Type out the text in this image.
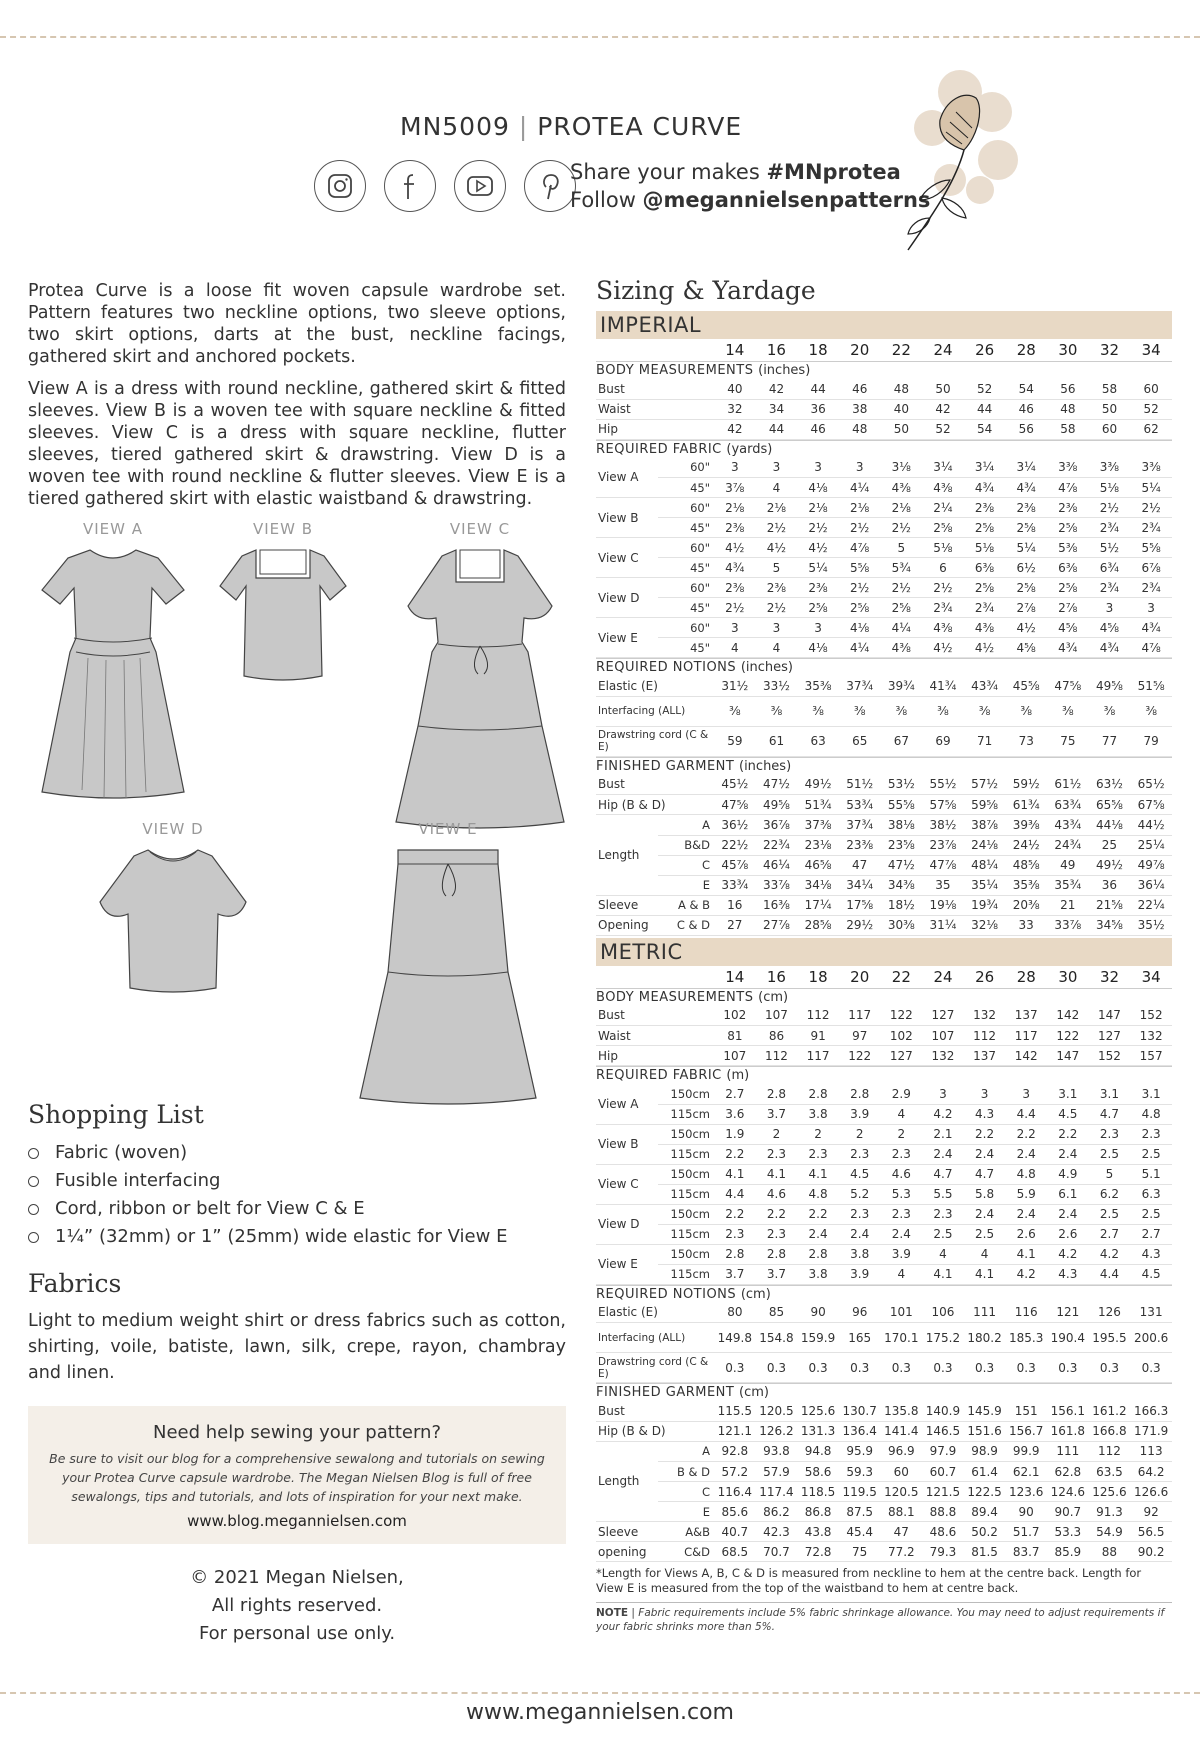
MN5009 | PROTEA CURVE
Share your makes #MNprotea
Follow @megannielsenpatterns

Protea Curve is a loose fit woven capsule wardrobe set. Pattern features two neckline options, two sleeve options, two skirt options, darts at the bust, neckline facings, gathered skirt and anchored pockets.

View A is a dress with round neckline, gathered skirt & fitted sleeves. View B is a woven tee with square neckline & fitted sleeves. View C is a dress with square neckline, flutter sleeves, tiered gathered skirt & drawstring. View D is a woven tee with round neckline & flutter sleeves. View E is a tiered gathered skirt with elastic waistband & drawstring.

VIEW A	VIEW B	VIEW C
VIEW D	VIEW E
Shopping List
Fabric (woven)
Fusible interfacing
Cord, ribbon or belt for View C & E
1¼” (32mm) or 1” (25mm) wide elastic for View E
Fabrics

Light to medium weight shirt or dress fabrics such as cotton, shirting, voile, batiste, lawn, silk, crepe, rayon, chambray and linen.

Need help sewing your pattern?
Be sure to visit our blog for a comprehensive sewalong and tutorials on sewing your Protea Curve capsule wardrobe. The Megan Nielsen Blog is full of free sewalongs, tips and tutorials, and lots of inspiration for your next make.
www.blog.megannielsen.com
© 2021 Megan Nielsen,
All rights reserved.
For personal use only.
Sizing & Yardage
IMPERIAL
14	16	18	20	22	24	26	28	30	32	34
BODY MEASUREMENTS (inches)
Bust	40	42	44	46	48	50	52	54	56	58	60
Waist	32	34	36	38	40	42	44	46	48	50	52
Hip	42	44	46	48	50	52	54	56	58	60	62
REQUIRED FABRIC (yards)
View A	60"	3	3	3	3	3⅛	3¼	3¼	3¼	3⅜	3⅜	3⅜
	45"	3⅞	4	4⅛	4¼	4⅜	4⅜	4¾	4¾	4⅞	5⅛	5¼
View B	60"	2⅛	2⅛	2⅛	2⅛	2⅛	2¼	2⅜	2⅜	2⅜	2½	2½
	45"	2⅜	2½	2½	2½	2½	2⅝	2⅝	2⅝	2⅝	2¾	2¾
View C	60"	4½	4½	4½	4⅞	5	5⅛	5⅛	5¼	5⅜	5½	5⅝
	45"	4¾	5	5¼	5⅝	5¾	6	6⅜	6½	6⅜	6¾	6⅞
View D	60"	2⅜	2⅜	2⅜	2½	2½	2½	2⅝	2⅝	2⅝	2¾	2¾
	45"	2½	2½	2⅝	2⅝	2⅝	2¾	2¾	2⅞	2⅞	3	3
View E	60"	3	3	3	4⅛	4¼	4⅜	4⅜	4½	4⅝	4⅝	4¾
	45"	4	4	4⅛	4¼	4⅜	4½	4½	4⅝	4¾	4¾	4⅞
REQUIRED NOTIONS (inches)
Elastic (E)	31½	33½	35⅜	37¾	39¾	41¾	43¾	45⅝	47⅝	49⅝	51⅝
Interfacing (ALL)	⅜	⅜	⅜	⅜	⅜	⅜	⅜	⅜	⅜	⅜	⅜
Drawstring cord (C & E)	59	61	63	65	67	69	71	73	75	77	79
FINISHED GARMENT (inches)
Bust	45½	47½	49½	51½	53½	55½	57½	59½	61½	63½	65½
Hip (B & D)	47⅝	49⅝	51¾	53¾	55⅝	57⅝	59⅝	61¾	63¾	65⅝	67⅝
Length	A	36½	36⅞	37⅜	37¾	38⅛	38½	38⅞	39⅜	43¾	44⅛	44½
	B&D	22½	22¾	23⅛	23⅜	23⅝	23⅞	24⅛	24½	24¾	25	25¼
	C	45⅞	46¼	46⅝	47	47½	47⅞	48¼	48⅝	49	49½	49⅞
	E	33¾	33⅞	34⅛	34¼	34⅜	35	35¼	35⅜	35¾	36	36¼
Sleeve	A & B	16	16⅜	17¼	17⅝	18½	19⅛	19¾	20⅜	21	21⅝	22¼
Opening	C & D	27	27⅞	28⅝	29½	30⅜	31¼	32⅛	33	33⅞	34⅝	35½
METRIC
14	16	18	20	22	24	26	28	30	32	34
BODY MEASUREMENTS (cm)
Bust	102	107	112	117	122	127	132	137	142	147	152
Waist	81	86	91	97	102	107	112	117	122	127	132
Hip	107	112	117	122	127	132	137	142	147	152	157
REQUIRED FABRIC (m)
View A	150cm	2.7	2.8	2.8	2.8	2.9	3	3	3	3.1	3.1	3.1
	115cm	3.6	3.7	3.8	3.9	4	4.2	4.3	4.4	4.5	4.7	4.8
View B	150cm	1.9	2	2	2	2	2.1	2.2	2.2	2.2	2.3	2.3
	115cm	2.2	2.3	2.3	2.3	2.3	2.4	2.4	2.4	2.4	2.5	2.5
View C	150cm	4.1	4.1	4.1	4.5	4.6	4.7	4.7	4.8	4.9	5	5.1
	115cm	4.4	4.6	4.8	5.2	5.3	5.5	5.8	5.9	6.1	6.2	6.3
View D	150cm	2.2	2.2	2.2	2.3	2.3	2.3	2.4	2.4	2.4	2.5	2.5
	115cm	2.3	2.3	2.4	2.4	2.4	2.5	2.5	2.6	2.6	2.7	2.7
View E	150cm	2.8	2.8	2.8	3.8	3.9	4	4	4.1	4.2	4.2	4.3
	115cm	3.7	3.7	3.8	3.9	4	4.1	4.1	4.2	4.3	4.4	4.5
REQUIRED NOTIONS (cm)
Elastic (E)	80	85	90	96	101	106	111	116	121	126	131
Interfacing (ALL)	149.8	154.8	159.9	165	170.1	175.2	180.2	185.3	190.4	195.5	200.6
Drawstring cord (C & E)	0.3	0.3	0.3	0.3	0.3	0.3	0.3	0.3	0.3	0.3	0.3
FINISHED GARMENT (cm)
Bust	115.5	120.5	125.6	130.7	135.8	140.9	145.9	151	156.1	161.2	166.3
Hip (B & D)	121.1	126.2	131.3	136.4	141.4	146.5	151.6	156.7	161.8	166.8	171.9
Length	A	92.8	93.8	94.8	95.9	96.9	97.9	98.9	99.9	111	112	113
	B & D	57.2	57.9	58.6	59.3	60	60.7	61.4	62.1	62.8	63.5	64.2
	C	116.4	117.4	118.5	119.5	120.5	121.5	122.5	123.6	124.6	125.6	126.6
	E	85.6	86.2	86.8	87.5	88.1	88.8	89.4	90	90.7	91.3	92
Sleeve	A&B	40.7	42.3	43.8	45.4	47	48.6	50.2	51.7	53.3	54.9	56.5
opening	C&D	68.5	70.7	72.8	75	77.2	79.3	81.5	83.7	85.9	88	90.2
*Length for Views A, B, C & D is measured from neckline to hem at the centre back. Length for View E is measured from the top of the waistband to hem at centre back.
NOTE | Fabric requirements include 5% fabric shrinkage allowance. You may need to adjust requirements if your fabric shrinks more than 5%.
www.megannielsen.com
